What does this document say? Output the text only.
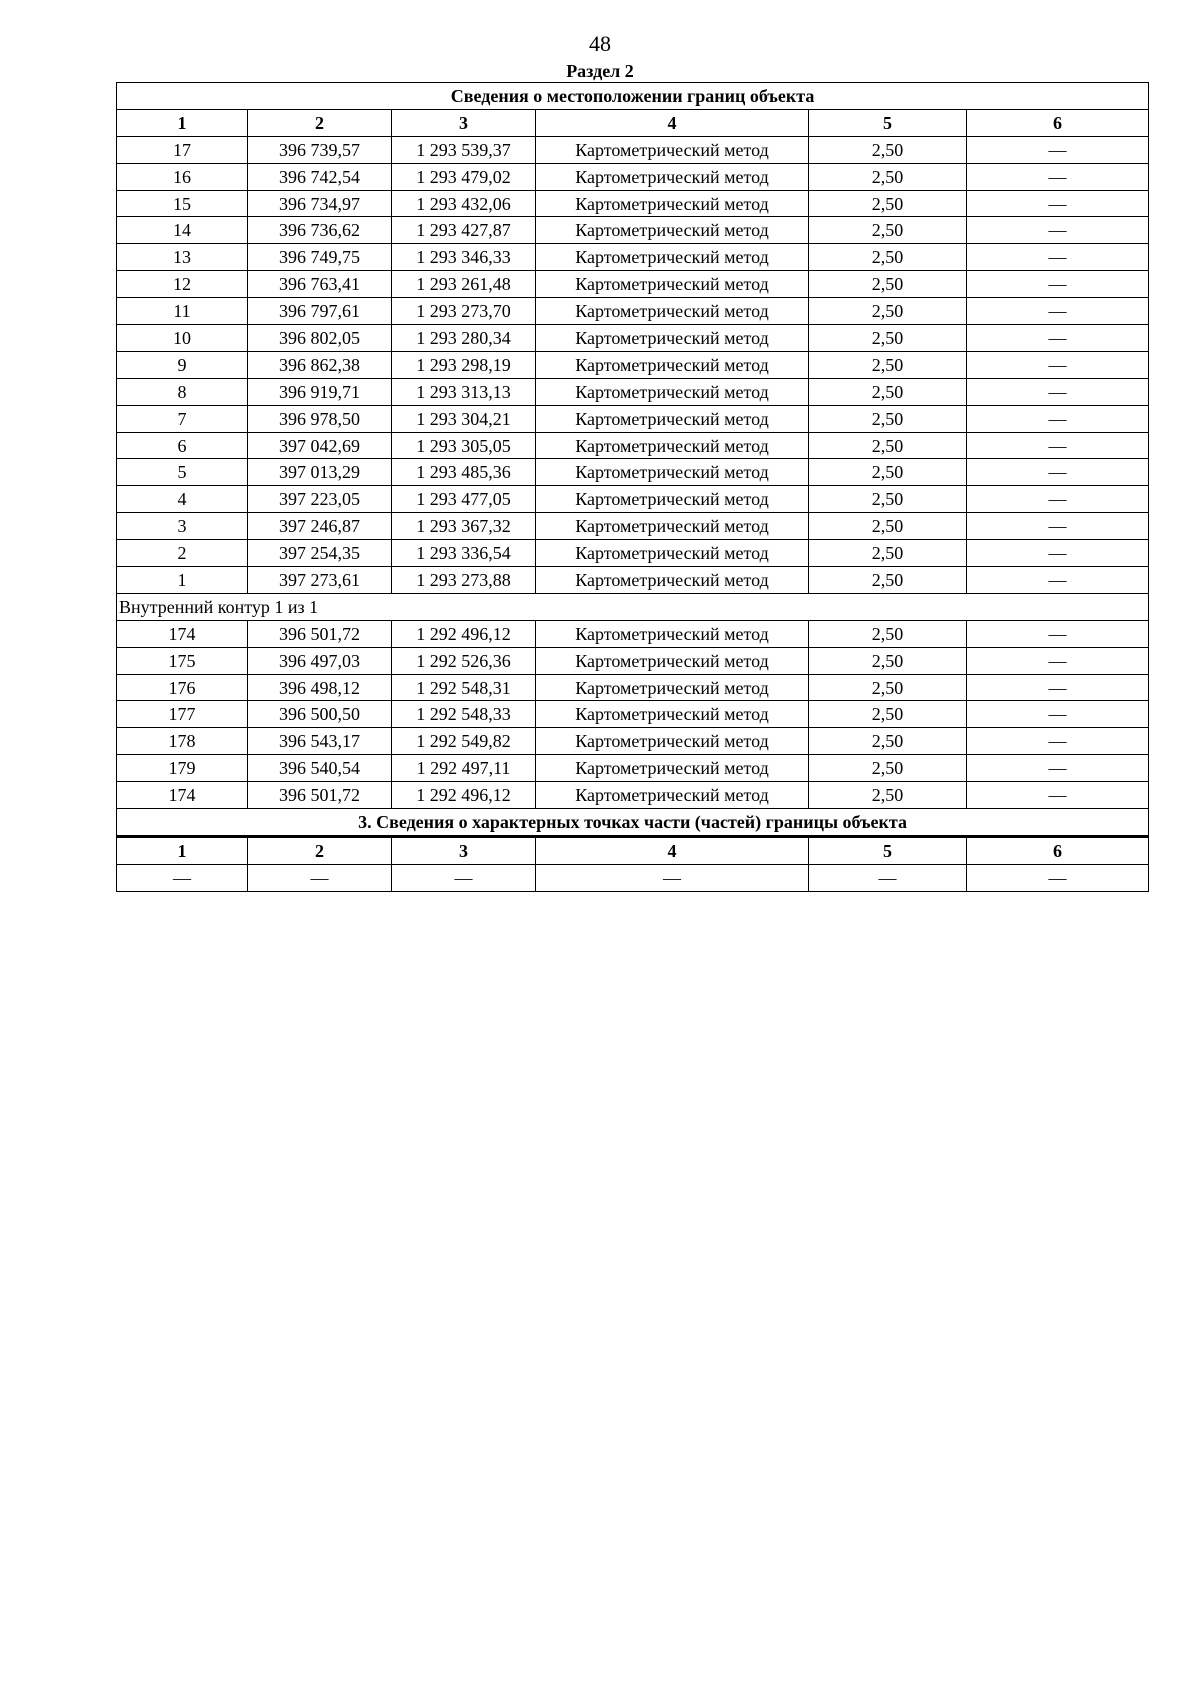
48
Раздел 2
Сведения о местоположении границ объекта					
1	2	3	4	5	6
17	396 739,57	1 293 539,37	Картометрический метод	2,50	—
16	396 742,54	1 293 479,02	Картометрический метод	2,50	—
15	396 734,97	1 293 432,06	Картометрический метод	2,50	—
14	396 736,62	1 293 427,87	Картометрический метод	2,50	—
13	396 749,75	1 293 346,33	Картометрический метод	2,50	—
12	396 763,41	1 293 261,48	Картометрический метод	2,50	—
11	396 797,61	1 293 273,70	Картометрический метод	2,50	—
10	396 802,05	1 293 280,34	Картометрический метод	2,50	—
9	396 862,38	1 293 298,19	Картометрический метод	2,50	—
8	396 919,71	1 293 313,13	Картометрический метод	2,50	—
7	396 978,50	1 293 304,21	Картометрический метод	2,50	—
6	397 042,69	1 293 305,05	Картометрический метод	2,50	—
5	397 013,29	1 293 485,36	Картометрический метод	2,50	—
4	397 223,05	1 293 477,05	Картометрический метод	2,50	—
3	397 246,87	1 293 367,32	Картометрический метод	2,50	—
2	397 254,35	1 293 336,54	Картометрический метод	2,50	—
1	397 273,61	1 293 273,88	Картометрический метод	2,50	—
Внутренний контур 1 из 1					
174	396 501,72	1 292 496,12	Картометрический метод	2,50	—
175	396 497,03	1 292 526,36	Картометрический метод	2,50	—
176	396 498,12	1 292 548,31	Картометрический метод	2,50	—
177	396 500,50	1 292 548,33	Картометрический метод	2,50	—
178	396 543,17	1 292 549,82	Картометрический метод	2,50	—
179	396 540,54	1 292 497,11	Картометрический метод	2,50	—
174	396 501,72	1 292 496,12	Картометрический метод	2,50	—
3. Сведения о характерных точках части (частей) границы объекта					
1	2	3	4	5	6
—	—	—	—	—	—
